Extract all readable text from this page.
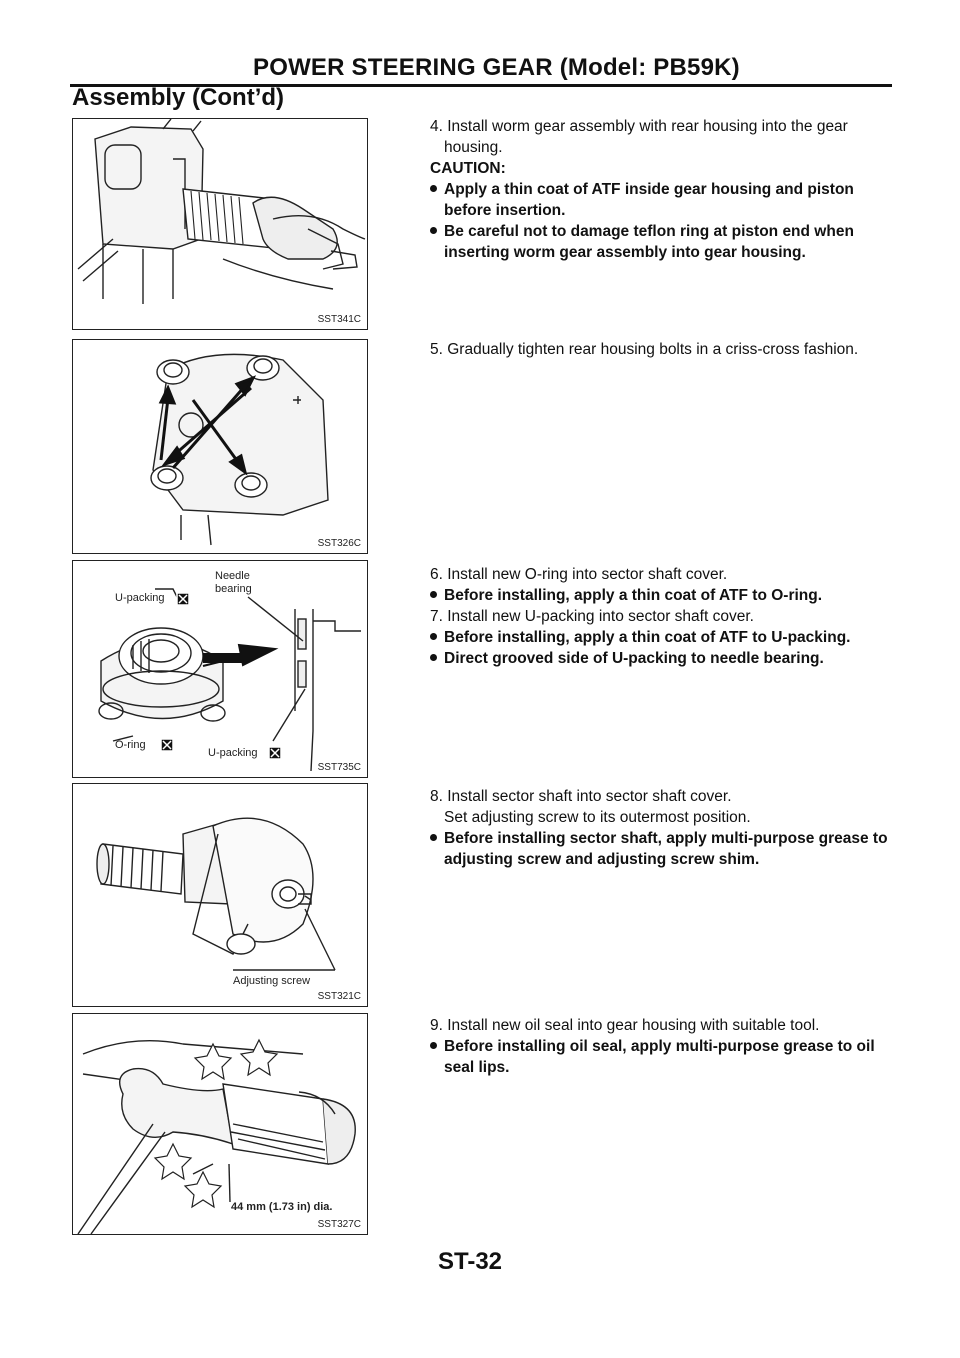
POWER STEERING GEAR (Model: PB59K)
Assembly (Cont’d)
SST341C
SST326C
Needle
bearing
U-packing
O-ring
U-packing
SST735C
Adjusting screw
SST321C
44 mm (1.73 in) dia.
SST327C

4. Install worm gear assembly with rear housing into the gear

housing.

CAUTION:

Apply a thin coat of ATF inside gear housing and piston before insertion.

Be careful not to damage teflon ring at piston end when inserting worm gear assembly into gear housing.

5. Gradually tighten rear housing bolts in a criss-cross fashion.

6. Install new O-ring into sector shaft cover.

Before installing, apply a thin coat of ATF to O-ring.

7. Install new U-packing into sector shaft cover.

Before installing, apply a thin coat of ATF to U-packing.

Direct grooved side of U-packing to needle bearing.

8. Install sector shaft into sector shaft cover.

Set adjusting screw to its outermost position.

Before installing sector shaft, apply multi-purpose grease to adjusting screw and adjusting screw shim.

9. Install new oil seal into gear housing with suitable tool.

Before installing oil seal, apply multi-purpose grease to oil seal lips.

ST-32
